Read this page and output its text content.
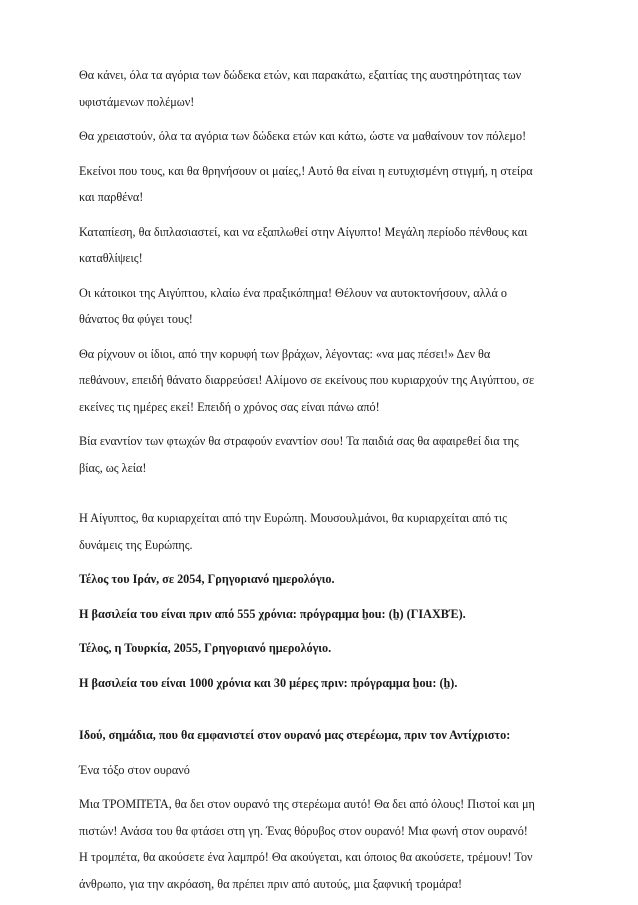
Θα κάνει, όλα τα αγόρια των δώδεκα ετών, και παρακάτω, εξαιτίας της αυστηρότητας των
υφιστάμενων πολέμων!

Θα χρειαστούν, όλα τα αγόρια των δώδεκα ετών και κάτω, ώστε να μαθαίνουν τον πόλεμο!

Εκείνοι που τους, και θα θρηνήσουν οι μαίες,! Αυτό θα είναι η ευτυχισμένη στιγμή, η στείρα
και παρθένα!

Καταπίεση, θα διπλασιαστεί, και να εξαπλωθεί στην Αίγυπτο! Μεγάλη περίοδο πένθους και
καταθλίψεις!

Οι κάτοικοι της Αιγύπτου, κλαίω ένα πραξικόπημα! Θέλουν να αυτοκτονήσουν, αλλά ο
θάνατος θα φύγει τους!

Θα ρίχνουν οι ίδιοι, από την κορυφή των βράχων, λέγοντας: «να μας πέσει!» Δεν θα
πεθάνουν, επειδή θάνατο διαρρεύσει! Αλίμονο σε εκείνους που κυριαρχούν της Αιγύπτου, σε
εκείνες τις ημέρες εκεί! Επειδή ο χρόνος σας είναι πάνω από!

Βία εναντίον των φτωχών θα στραφούν εναντίον σου! Τα παιδιά σας θα αφαιρεθεί δια της
βίας, ως λεία!

Η Αίγυπτος, θα κυριαρχείται από την Ευρώπη. Μουσουλμάνοι, θα κυριαρχείται από τις
δυνάμεις της Ευρώπης.

Τέλος του Ιράν, σε 2054, Γρηγοριανό ημερολόγιο.

Η βασιλεία του είναι πριν από 555 χρόνια: πρόγραμμα ẖou: (ẖ) (ΓΙΑΧΒΈ).

Τέλος, η Τουρκία, 2055, Γρηγοριανό ημερολόγιο.

Η βασιλεία του είναι 1000 χρόνια και 30 μέρες πριν: πρόγραμμα ẖou: (ẖ).

Ιδού, σημάδια, που θα εμφανιστεί στον ουρανό μας στερέωμα, πριν τον Αντίχριστο:

Ένα τόξο στον ουρανό

Μια ΤΡΟΜΠΈΤΑ, θα δει στον ουρανό της στερέωμα αυτό! Θα δει από όλους! Πιστοί και μη
πιστών! Ανάσα του θα φτάσει στη γη. Ένας θόρυβος στον ουρανό! Μια φωνή στον ουρανό!
Η τρομπέτα, θα ακούσετε ένα λαμπρό! Θα ακούγεται, και όποιος θα ακούσετε, τρέμουν! Τον
άνθρωπο, για την ακρόαση, θα πρέπει πριν από αυτούς, μια ξαφνική τρομάρα!
